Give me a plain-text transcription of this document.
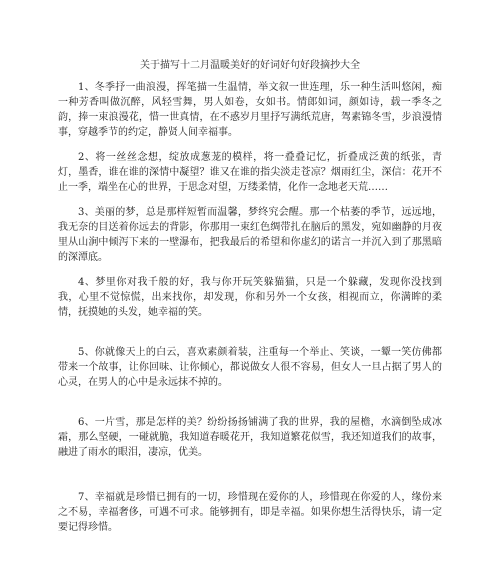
关于描写十二月温暖美好的好词好句好段摘抄大全

1、冬季抒一曲浪漫，挥笔描一生温情，举文叙一世连理，乐一种生活叫悠闲，痴一种芳香叫做沉醉，风轻雪舞，男人如卷，女如书。情郎如词，颜如诗，载一季冬之韵，捧一束浪漫花，惜一世真情，在不惑岁月里抒写满纸荒唐，驾素锦冬雪，步浪漫情事，穿越季节的约定，静贤人间幸福事。

2、将一丝丝念想，绽放成葱茏的模样，将一叠叠记忆，折叠成泛黄的纸张，青灯，墨香，谁在谁的深情中凝望？谁又在谁的指尖淡走苍凉？烟雨红尘，深信：花开不止一季，端坐在心的世界，于思念对望，万缕柔情，化作一念地老天荒……

3、美丽的梦，总是那样短暂而温馨，梦终究会醒。那一个枯萎的季节，远远地，我无奈的目送着你远去的背影，你那用一束红色绸带扎在脑后的黑发，宛如幽静的月夜里从山涧中倾泻下来的一壁瀑布，把我最后的希望和你虚幻的诺言一并沉入到了那黑暗的深潭底。

4、梦里你对我千般的好，我与你开玩笑躲猫猫，只是一个躲藏，发现你没找到我，心里不觉惊慌，出来找你，却发现，你和另外一个女孩，相视而立，你满眸的柔情，抚摸她的头发，她幸福的笑。

5、你就像天上的白云，喜欢素颜着装，注重每一个举止、笑谈，一颦一笑仿佛都带来一个故事，让你回味、让你倾心，都说做女人很不容易，但女人一旦占据了男人的心灵，在男人的心中是永远抹不掉的。

6、一片雪，那是怎样的美？纷纷扬扬铺满了我的世界，我的屋檐，水滴倒坠成冰霜，那么坚硬，一碰就脆，我知道春暖花开，我知道繁花似雪，我还知道我们的故事，融进了雨水的眼泪，凄凉，优美。

7、幸福就是珍惜已拥有的一切，珍惜现在爱你的人，珍惜现在你爱的人，缘份来之不易，幸福奢侈，可遇不可求。能够拥有，即是幸福。如果你想生活得快乐，请一定要记得珍惜。
